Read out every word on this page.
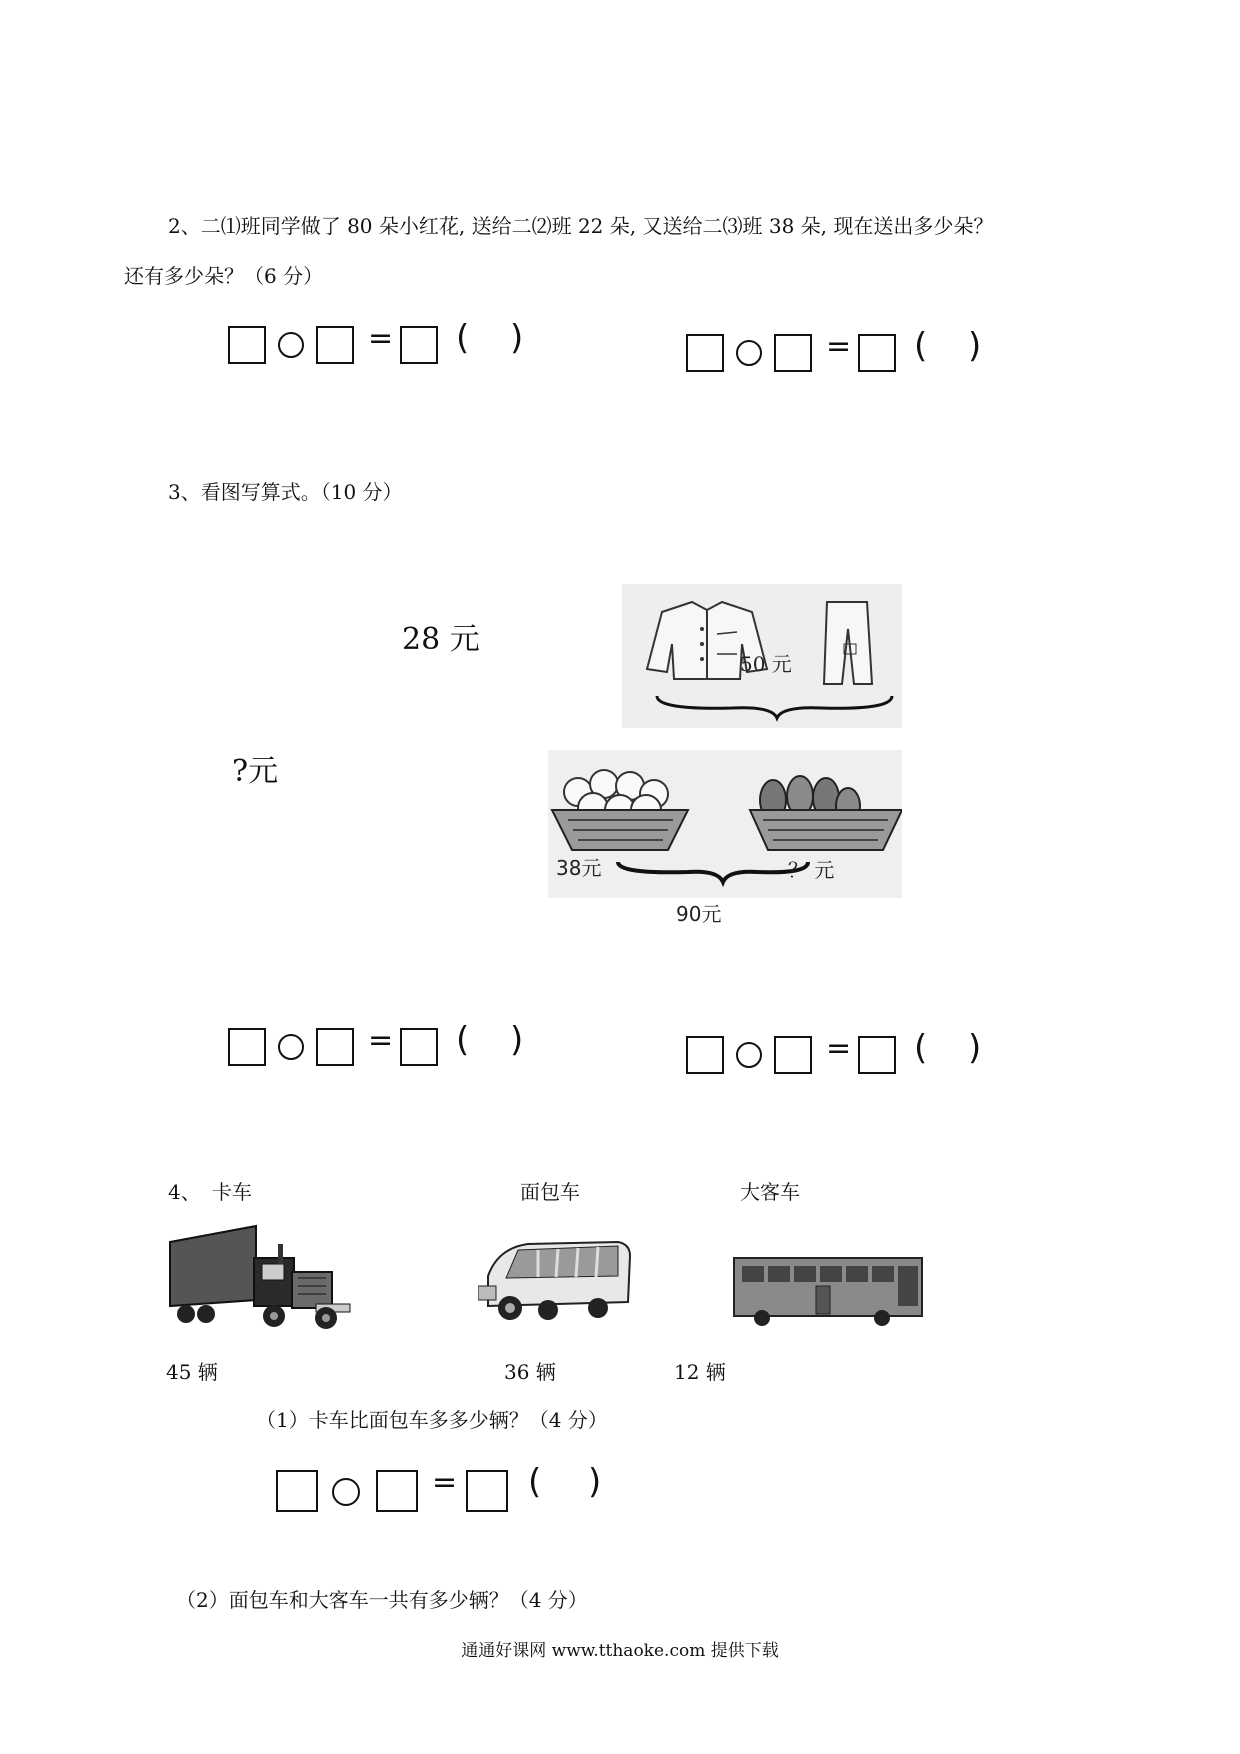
2、二⑴班同学做了 80 朵小红花, 送给二⑵班 22 朵, 又送给二⑶班 38 朵, 现在送出多少朵？
还有多少朵？（6 分）
= ( )	= ( )
3、看图写算式。（10 分）
28 元
?元
50 元
38元	？ 元
90元
= ( )	= ( )
4、 卡车	面包车	大客车
45 辆	36 辆	12 辆
（1）卡车比面包车多多少辆？（4 分）
= ( )
（2）面包车和大客车一共有多少辆？（4 分）
通通好课网 www.tthaoke.com 提供下载
